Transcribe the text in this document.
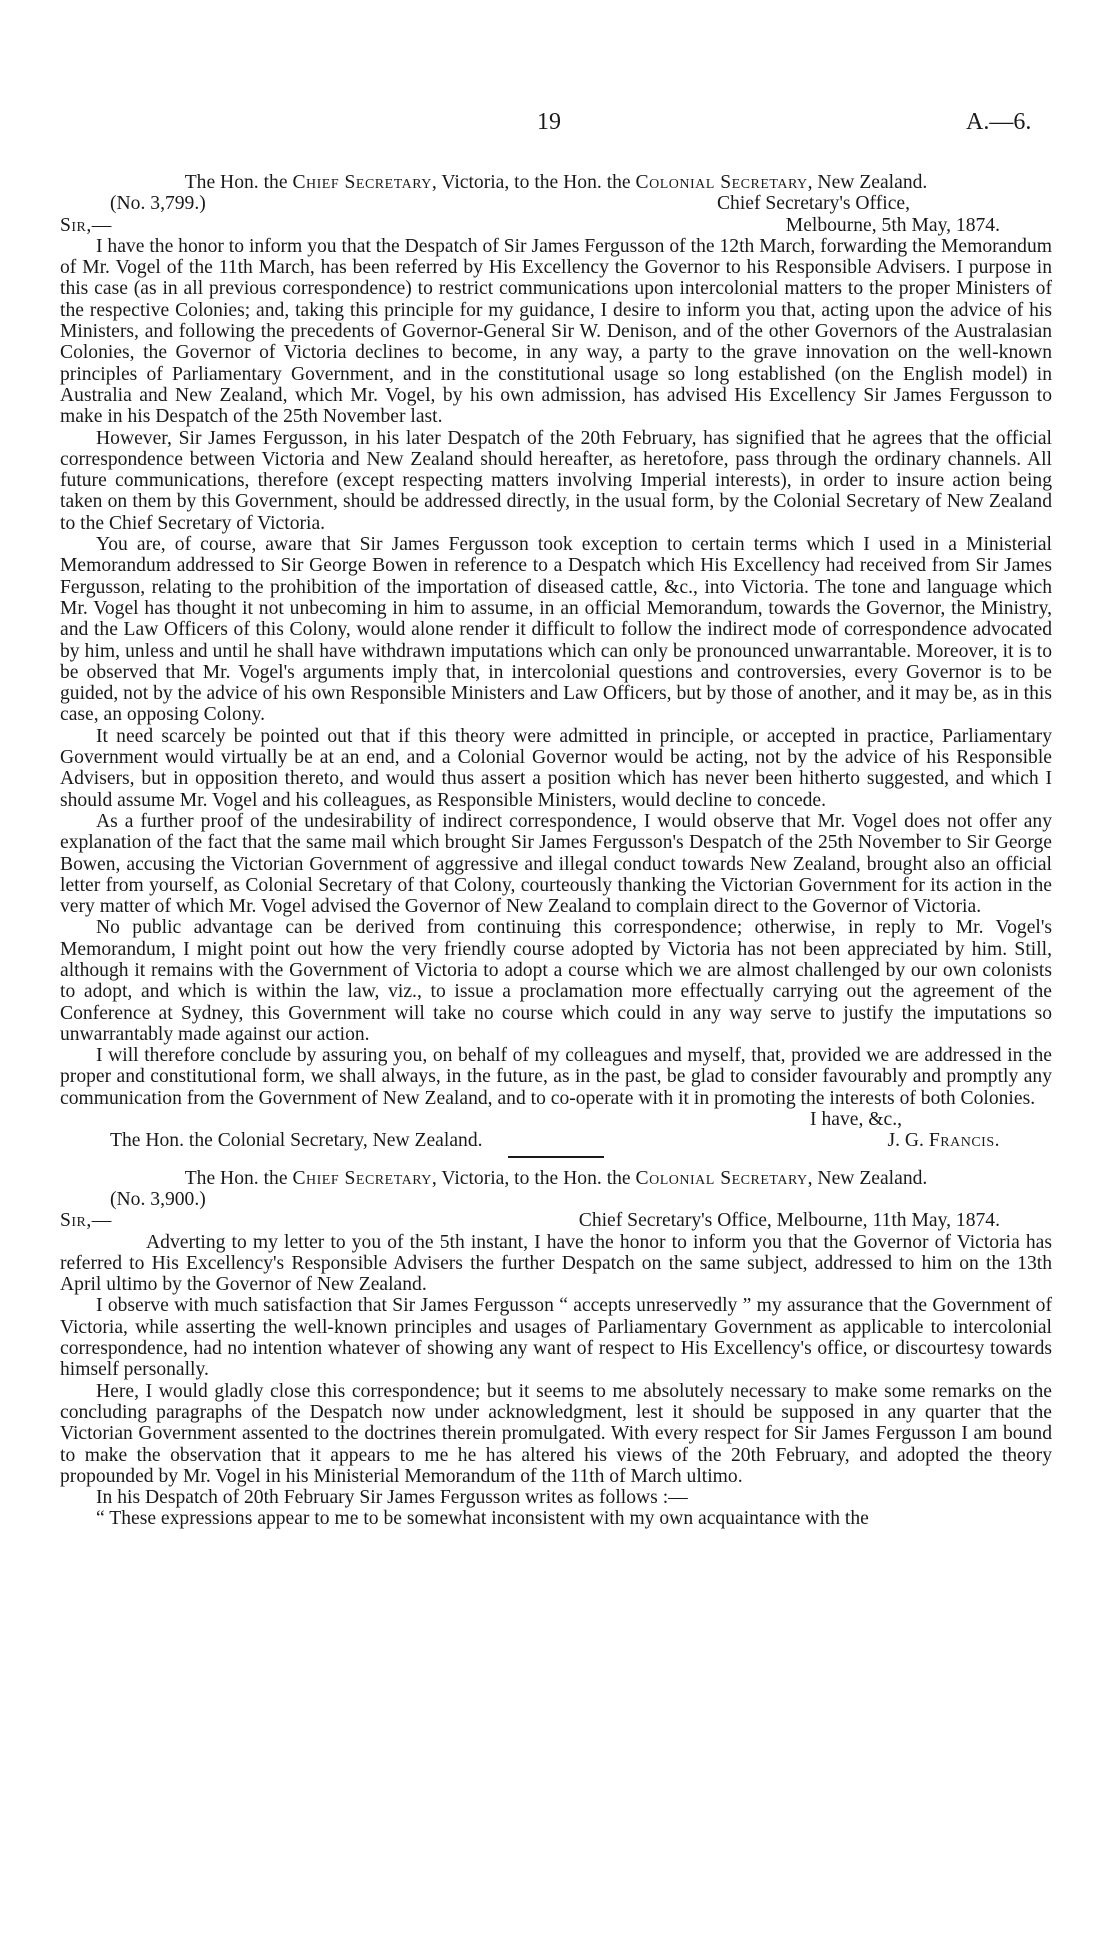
19	A.—6.

The Hon. the Chief Secretary, Victoria, to the Hon. the Colonial Secretary, New Zealand.

(No. 3,799.)	Chief Secretary's Office,
Sir,—	Melbourne, 5th May, 1874.

I have the honor to inform you that the Despatch of Sir James Fergusson of the 12th March, forwarding the Memorandum of Mr. Vogel of the 11th March, has been referred by His Excellency the Governor to his Responsible Advisers. I purpose in this case (as in all previous correspondence) to restrict communications upon intercolonial matters to the proper Ministers of the respective Colonies; and, taking this principle for my guidance, I desire to inform you that, acting upon the advice of his Ministers, and following the precedents of Governor-General Sir W. Denison, and of the other Governors of the Australasian Colonies, the Governor of Victoria declines to become, in any way, a party to the grave innovation on the well-known principles of Parliamentary Government, and in the constitutional usage so long established (on the English model) in Australia and New Zealand, which Mr. Vogel, by his own admission, has advised His Excellency Sir James Fergusson to make in his Despatch of the 25th November last.

However, Sir James Fergusson, in his later Despatch of the 20th February, has signified that he agrees that the official correspondence between Victoria and New Zealand should hereafter, as heretofore, pass through the ordinary channels. All future communications, therefore (except respecting matters involving Imperial interests), in order to insure action being taken on them by this Government, should be addressed directly, in the usual form, by the Colonial Secretary of New Zealand to the Chief Secretary of Victoria.

You are, of course, aware that Sir James Fergusson took exception to certain terms which I used in a Ministerial Memorandum addressed to Sir George Bowen in reference to a Despatch which His Excellency had received from Sir James Fergusson, relating to the prohibition of the importation of diseased cattle, &c., into Victoria. The tone and language which Mr. Vogel has thought it not unbecoming in him to assume, in an official Memorandum, towards the Governor, the Ministry, and the Law Officers of this Colony, would alone render it difficult to follow the indirect mode of correspondence advocated by him, unless and until he shall have withdrawn imputations which can only be pronounced unwarrantable. Moreover, it is to be observed that Mr. Vogel's arguments imply that, in intercolonial questions and controversies, every Governor is to be guided, not by the advice of his own Responsible Ministers and Law Officers, but by those of another, and it may be, as in this case, an opposing Colony.

It need scarcely be pointed out that if this theory were admitted in principle, or accepted in practice, Parliamentary Government would virtually be at an end, and a Colonial Governor would be acting, not by the advice of his Responsible Advisers, but in opposition thereto, and would thus assert a position which has never been hitherto suggested, and which I should assume Mr. Vogel and his colleagues, as Responsible Ministers, would decline to concede.

As a further proof of the undesirability of indirect correspondence, I would observe that Mr. Vogel does not offer any explanation of the fact that the same mail which brought Sir James Fergusson's Despatch of the 25th November to Sir George Bowen, accusing the Victorian Government of aggressive and illegal conduct towards New Zealand, brought also an official letter from yourself, as Colonial Secretary of that Colony, courteously thanking the Victorian Government for its action in the very matter of which Mr. Vogel advised the Governor of New Zealand to complain direct to the Governor of Victoria.

No public advantage can be derived from continuing this correspondence; otherwise, in reply to Mr. Vogel's Memorandum, I might point out how the very friendly course adopted by Victoria has not been appreciated by him. Still, although it remains with the Government of Victoria to adopt a course which we are almost challenged by our own colonists to adopt, and which is within the law, viz., to issue a proclamation more effectually carrying out the agreement of the Conference at Sydney, this Government will take no course which could in any way serve to justify the imputations so unwarrantably made against our action.

I will therefore conclude by assuring you, on behalf of my colleagues and myself, that, provided we are addressed in the proper and constitutional form, we shall always, in the future, as in the past, be glad to consider favourably and promptly any communication from the Government of New Zealand, and to co-operate with it in promoting the interests of both Colonies.

I have, &c.,
The Hon. the Colonial Secretary, New Zealand.	J. G. Francis.

The Hon. the Chief Secretary, Victoria, to the Hon. the Colonial Secretary, New Zealand.

(No. 3,900.)
Sir,—	Chief Secretary's Office, Melbourne, 11th May, 1874.

Adverting to my letter to you of the 5th instant, I have the honor to inform you that the Governor of Victoria has referred to His Excellency's Responsible Advisers the further Despatch on the same subject, addressed to him on the 13th April ultimo by the Governor of New Zealand.

I observe with much satisfaction that Sir James Fergusson “ accepts unreservedly ” my assurance that the Government of Victoria, while asserting the well-known principles and usages of Parliamentary Government as applicable to intercolonial correspondence, had no intention whatever of showing any want of respect to His Excellency's office, or discourtesy towards himself personally.

Here, I would gladly close this correspondence; but it seems to me absolutely necessary to make some remarks on the concluding paragraphs of the Despatch now under acknowledgment, lest it should be supposed in any quarter that the Victorian Government assented to the doctrines therein promulgated. With every respect for Sir James Fergusson I am bound to make the observation that it appears to me he has altered his views of the 20th February, and adopted the theory propounded by Mr. Vogel in his Ministerial Memorandum of the 11th of March ultimo.

In his Despatch of 20th February Sir James Fergusson writes as follows :—

“ These expressions appear to me to be somewhat inconsistent with my own acquaintance with the
